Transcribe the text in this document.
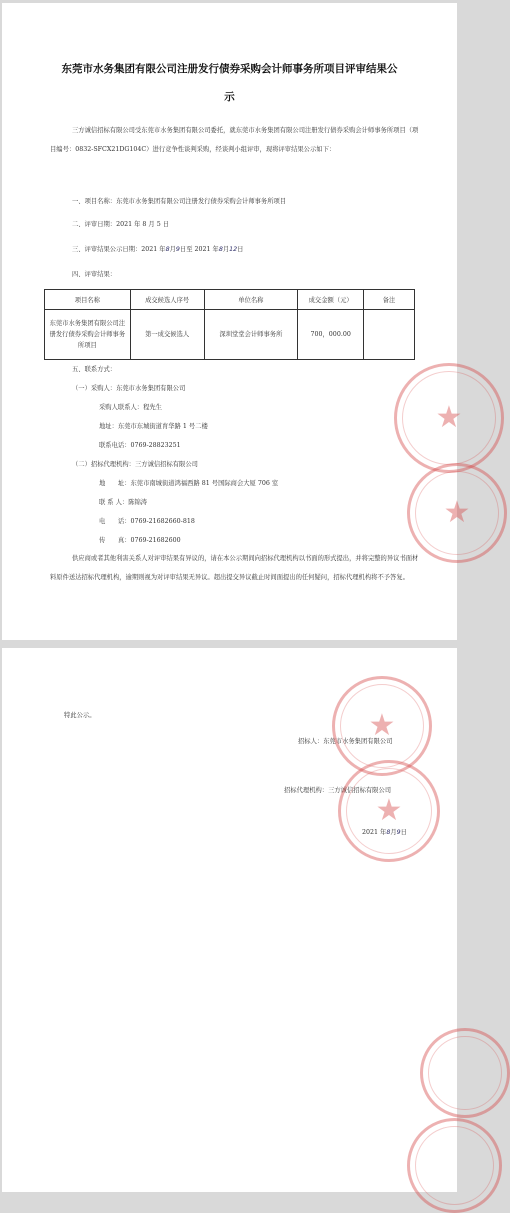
东莞市水务集团有限公司注册发行债券采购会计师事务所项目评审结果公
示
三方诚信招标有限公司受东莞市水务集团有限公司委托，就东莞市水务集团有限公司注册发行债券采购会计师事务所项目（项目编号：0832-SFCX21DG104C）进行竞争性谈判采购，经谈判小组评审，现将评审结果公示如下：
一、项目名称：东莞市水务集团有限公司注册发行债券采购会计师事务所项目
二、评审日期：2021 年 8 月 5 日
三、评审结果公示日期：2021 年8月9日至 2021 年8月12日
四、评审结果：
项目名称	成交候选人序号	单位名称	成交金额（元）	备注
东莞市水务集团有限公司注册发行债券采购会计师事务所项目	第一成交候选人	深圳堂堂会计师事务所	700，000.00	
五、联系方式：
（一）采购人：东莞市水务集团有限公司
采购人联系人：程先生
地址：东莞市东城街道育华路 1 号二楼
联系电话：0769-28823251
（二）招标代理机构：三方诚信招标有限公司
地　　址：东莞市南城街道鸿福西路 81 号国际商会大厦 706 室
联 系 人：陈锦涛
电　　话：0769-21682660-818
传　　真：0769-21682600
供应商或者其他利害关系人对评审结果有异议的，请在本公示期间向招标代理机构以书面的形式提出，并将完整的异议书面材料原件送达招标代理机构，逾期则视为对评审结果无异议。超出提交异议截止时间面提出的任何疑问，招标代理机构将不予答复。
★
★
特此公示。
招标人：东莞市水务集团有限公司
招标代理机构：三方诚信招标有限公司
2021 年8月9日
★
★
